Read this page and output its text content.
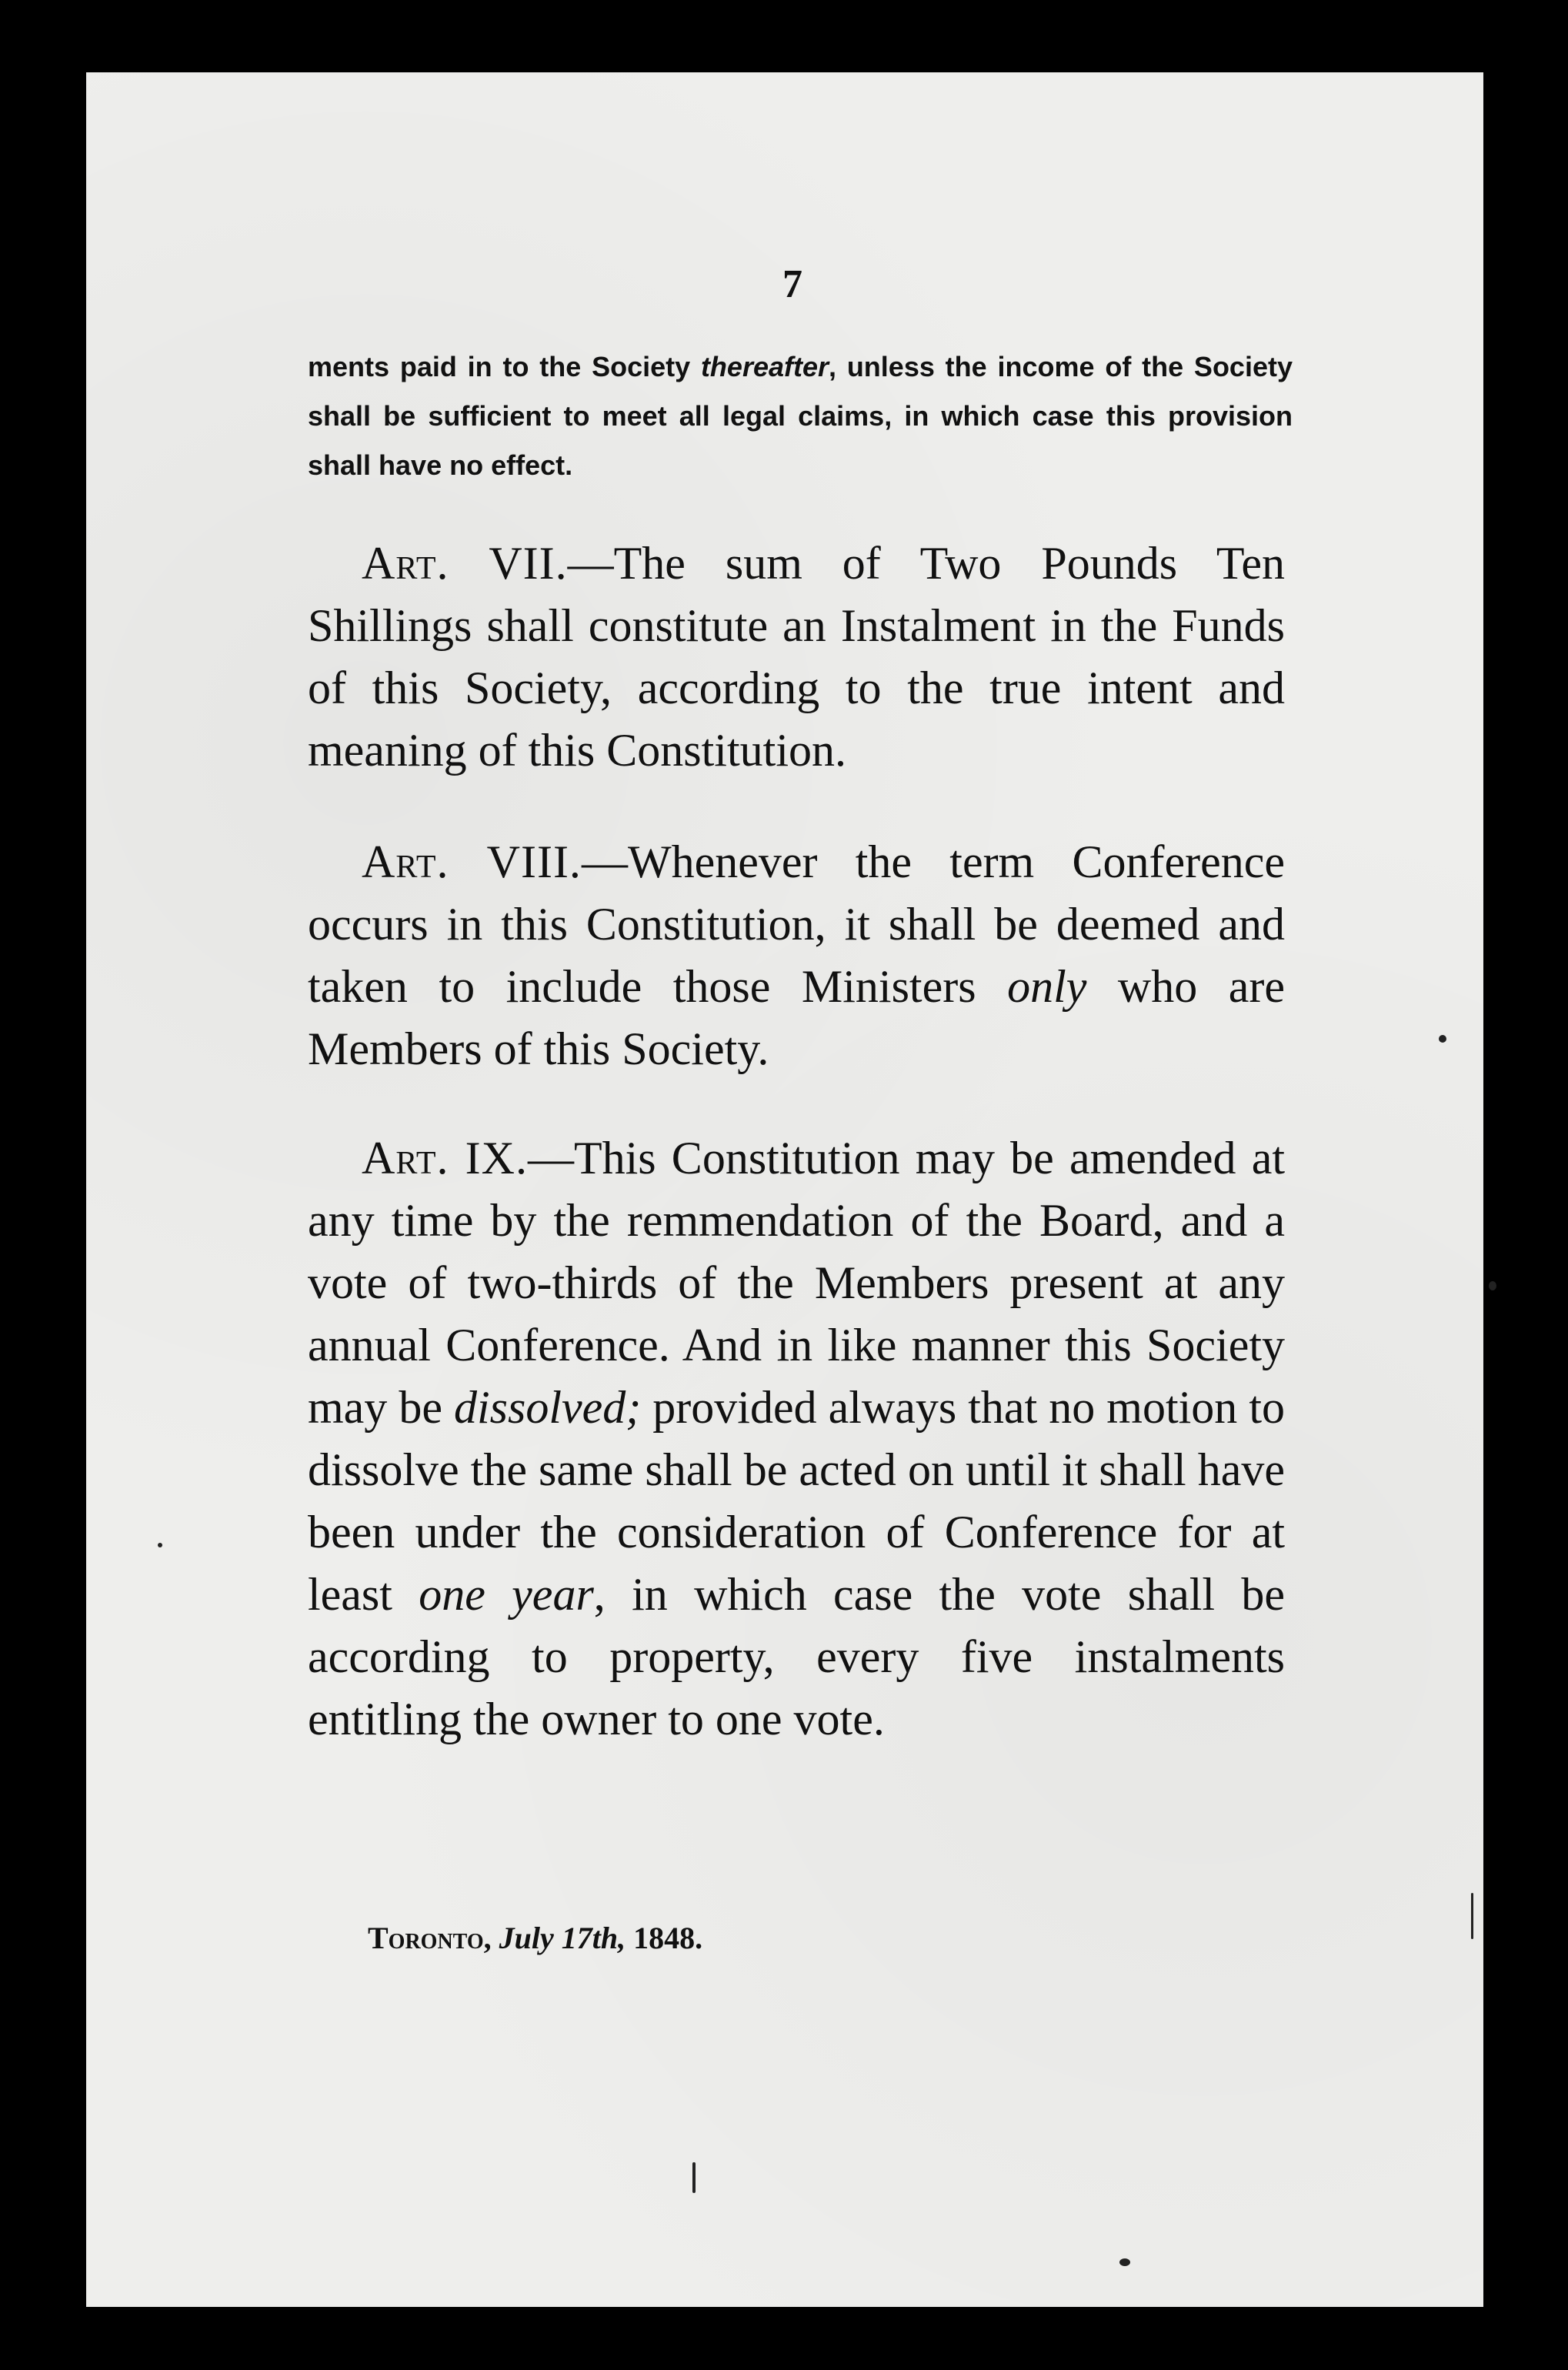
7
ments paid in to the Society thereafter, unless the income of the Society shall be sufficient to meet all legal claims, in which case this provision shall have no effect.
Art. VII.—The sum of Two Pounds Ten Shillings shall constitute an Instalment in the Funds of this Society, according to the true intent and meaning of this Constitution.
Art. VIII.—Whenever the term Conference occurs in this Constitution, it shall be deemed and taken to include those Ministers only who are Members of this Society.
Art. IX.—This Constitution may be amended at any time by the remmendation of the Board, and a vote of two-thirds of the Members present at any annual Conference. And in like manner this Society may be dissolved; provided always that no motion to dissolve the same shall be acted on until it shall have been under the consideration of Conference for at least one year, in which case the vote shall be according to property, every five instalments entitling the owner to one vote.
Toronto, July 17th, 1848.
